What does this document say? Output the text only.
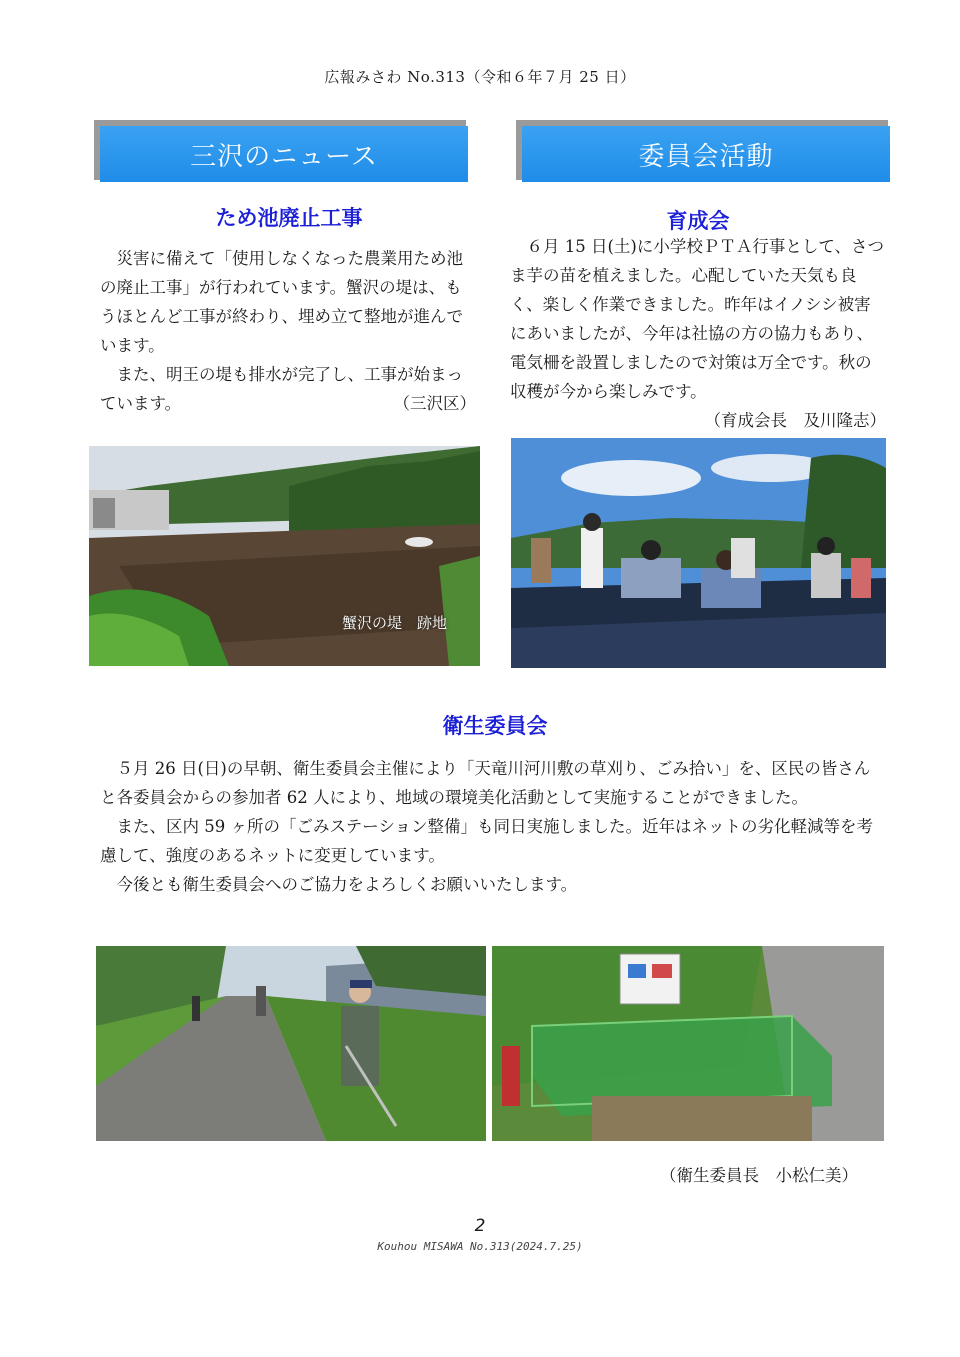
広報みさわ No.313（令和６年７月 25 日）
三沢のニュース
ため池廃止工事

災害に備えて「使用しなくなった農業用ため池の廃止工事」が行われています。蟹沢の堤は、もうほとんど工事が終わり、埋め立て整地が進んでいます。

また、明王の堤も排水が完了し、工事が始まっています。	（三沢区）

蟹沢の堤　跡地
委員会活動
育成会

６月 15 日(土)に小学校ＰＴＡ行事として、さつま芋の苗を植えました。心配していた天気も良く、楽しく作業できました。昨年はイノシシ被害にあいましたが、今年は社協の方の協力もあり、電気柵を設置しましたので対策は万全です。秋の収穫が今から楽しみです。

（育成会長　及川隆志）

衛生委員会

５月 26 日(日)の早朝、衛生委員会主催により「天竜川河川敷の草刈り、ごみ拾い」を、区民の皆さんと各委員会からの参加者 62 人により、地域の環境美化活動として実施することができました。

また、区内 59 ヶ所の「ごみステーション整備」も同日実施しました。近年はネットの劣化軽減等を考慮して、強度のあるネットに変更しています。

今後とも衛生委員会へのご協力をよろしくお願いいたします。

（衛生委員長　小松仁美）
2
Kouhou MISAWA No.313(2024.7.25)
